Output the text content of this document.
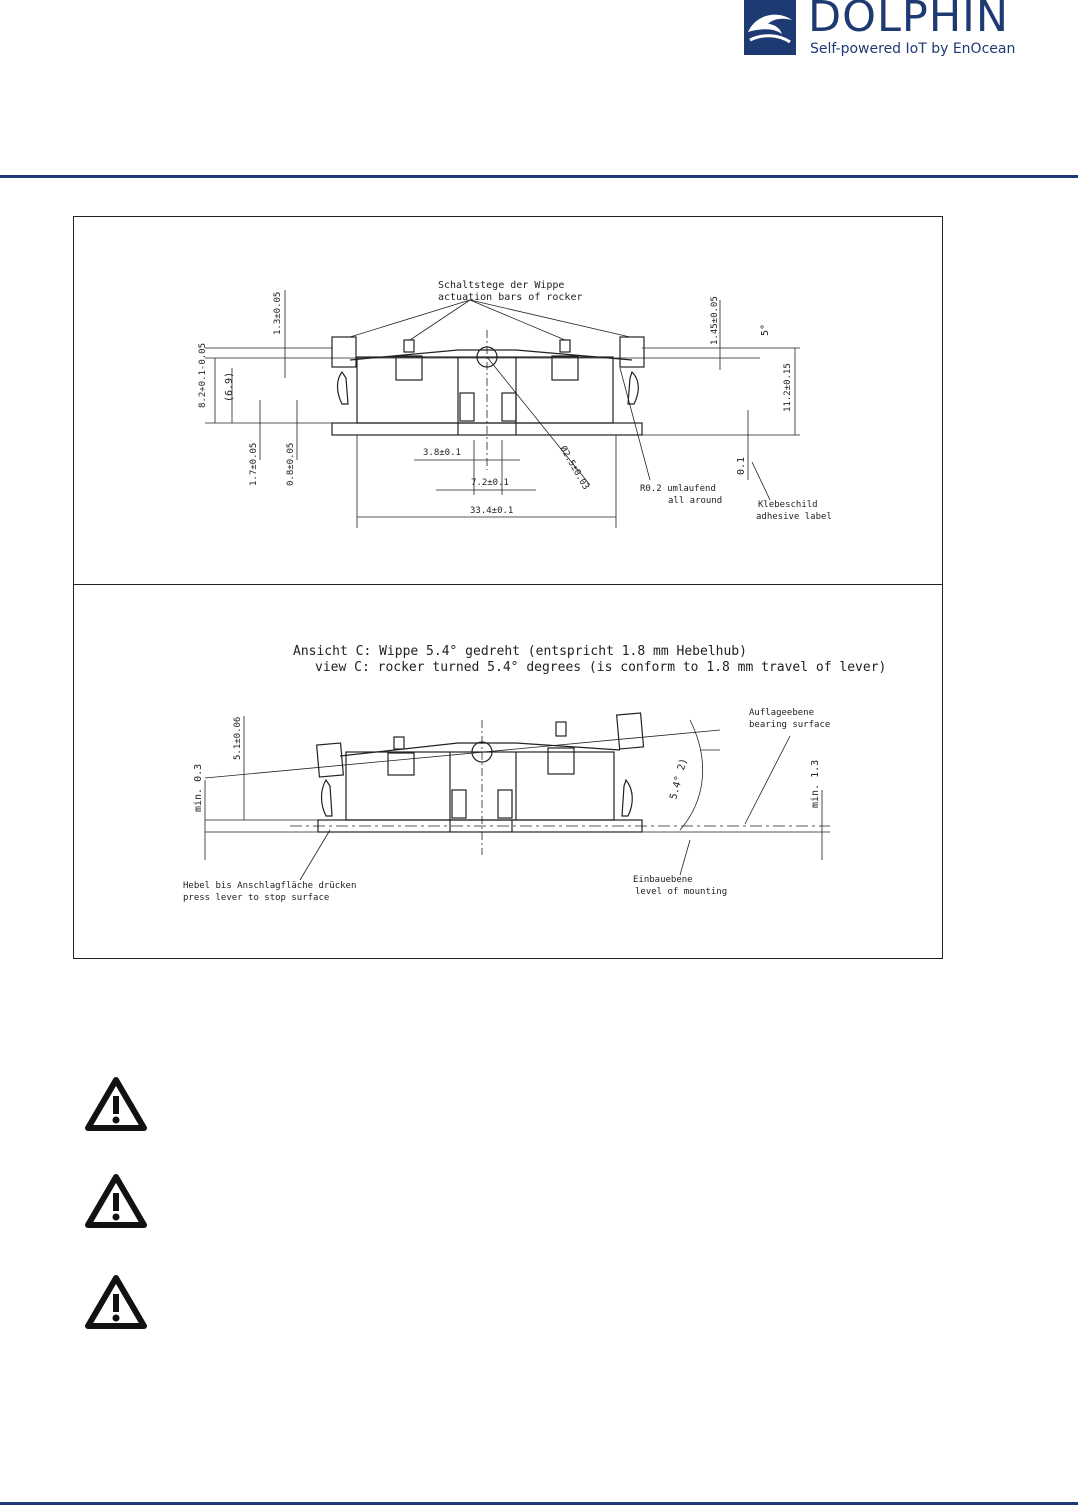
DOLPHIN
Self-powered IoT by EnOcean
Schaltstege der Wippe
actuation bars of rocker
1.3±0.05	1.45±0.05	5°
8.2+0.1-0.05 (6.9)	11.2±0.15
1.7±0.05	0.8±0.05	3.8±0.1
7.2±0.1	Ø2.5±0.03	R0.2 umlaufend
all around
0.1
Klebeschild
adhesive label
33.4±0.1
Ansicht C: Wippe 5.4° gedreht (entspricht 1.8 mm Hebelhub)
view C: rocker turned 5.4° degrees (is conform to 1.8 mm travel of lever)
Auflageebene
bearing surface
5.1±0.06
min. 0.3	5.4° 2)	min. 1.3
Hebel bis Anschlagfläche drücken
press lever to stop surface
Einbauebene
level of mounting
